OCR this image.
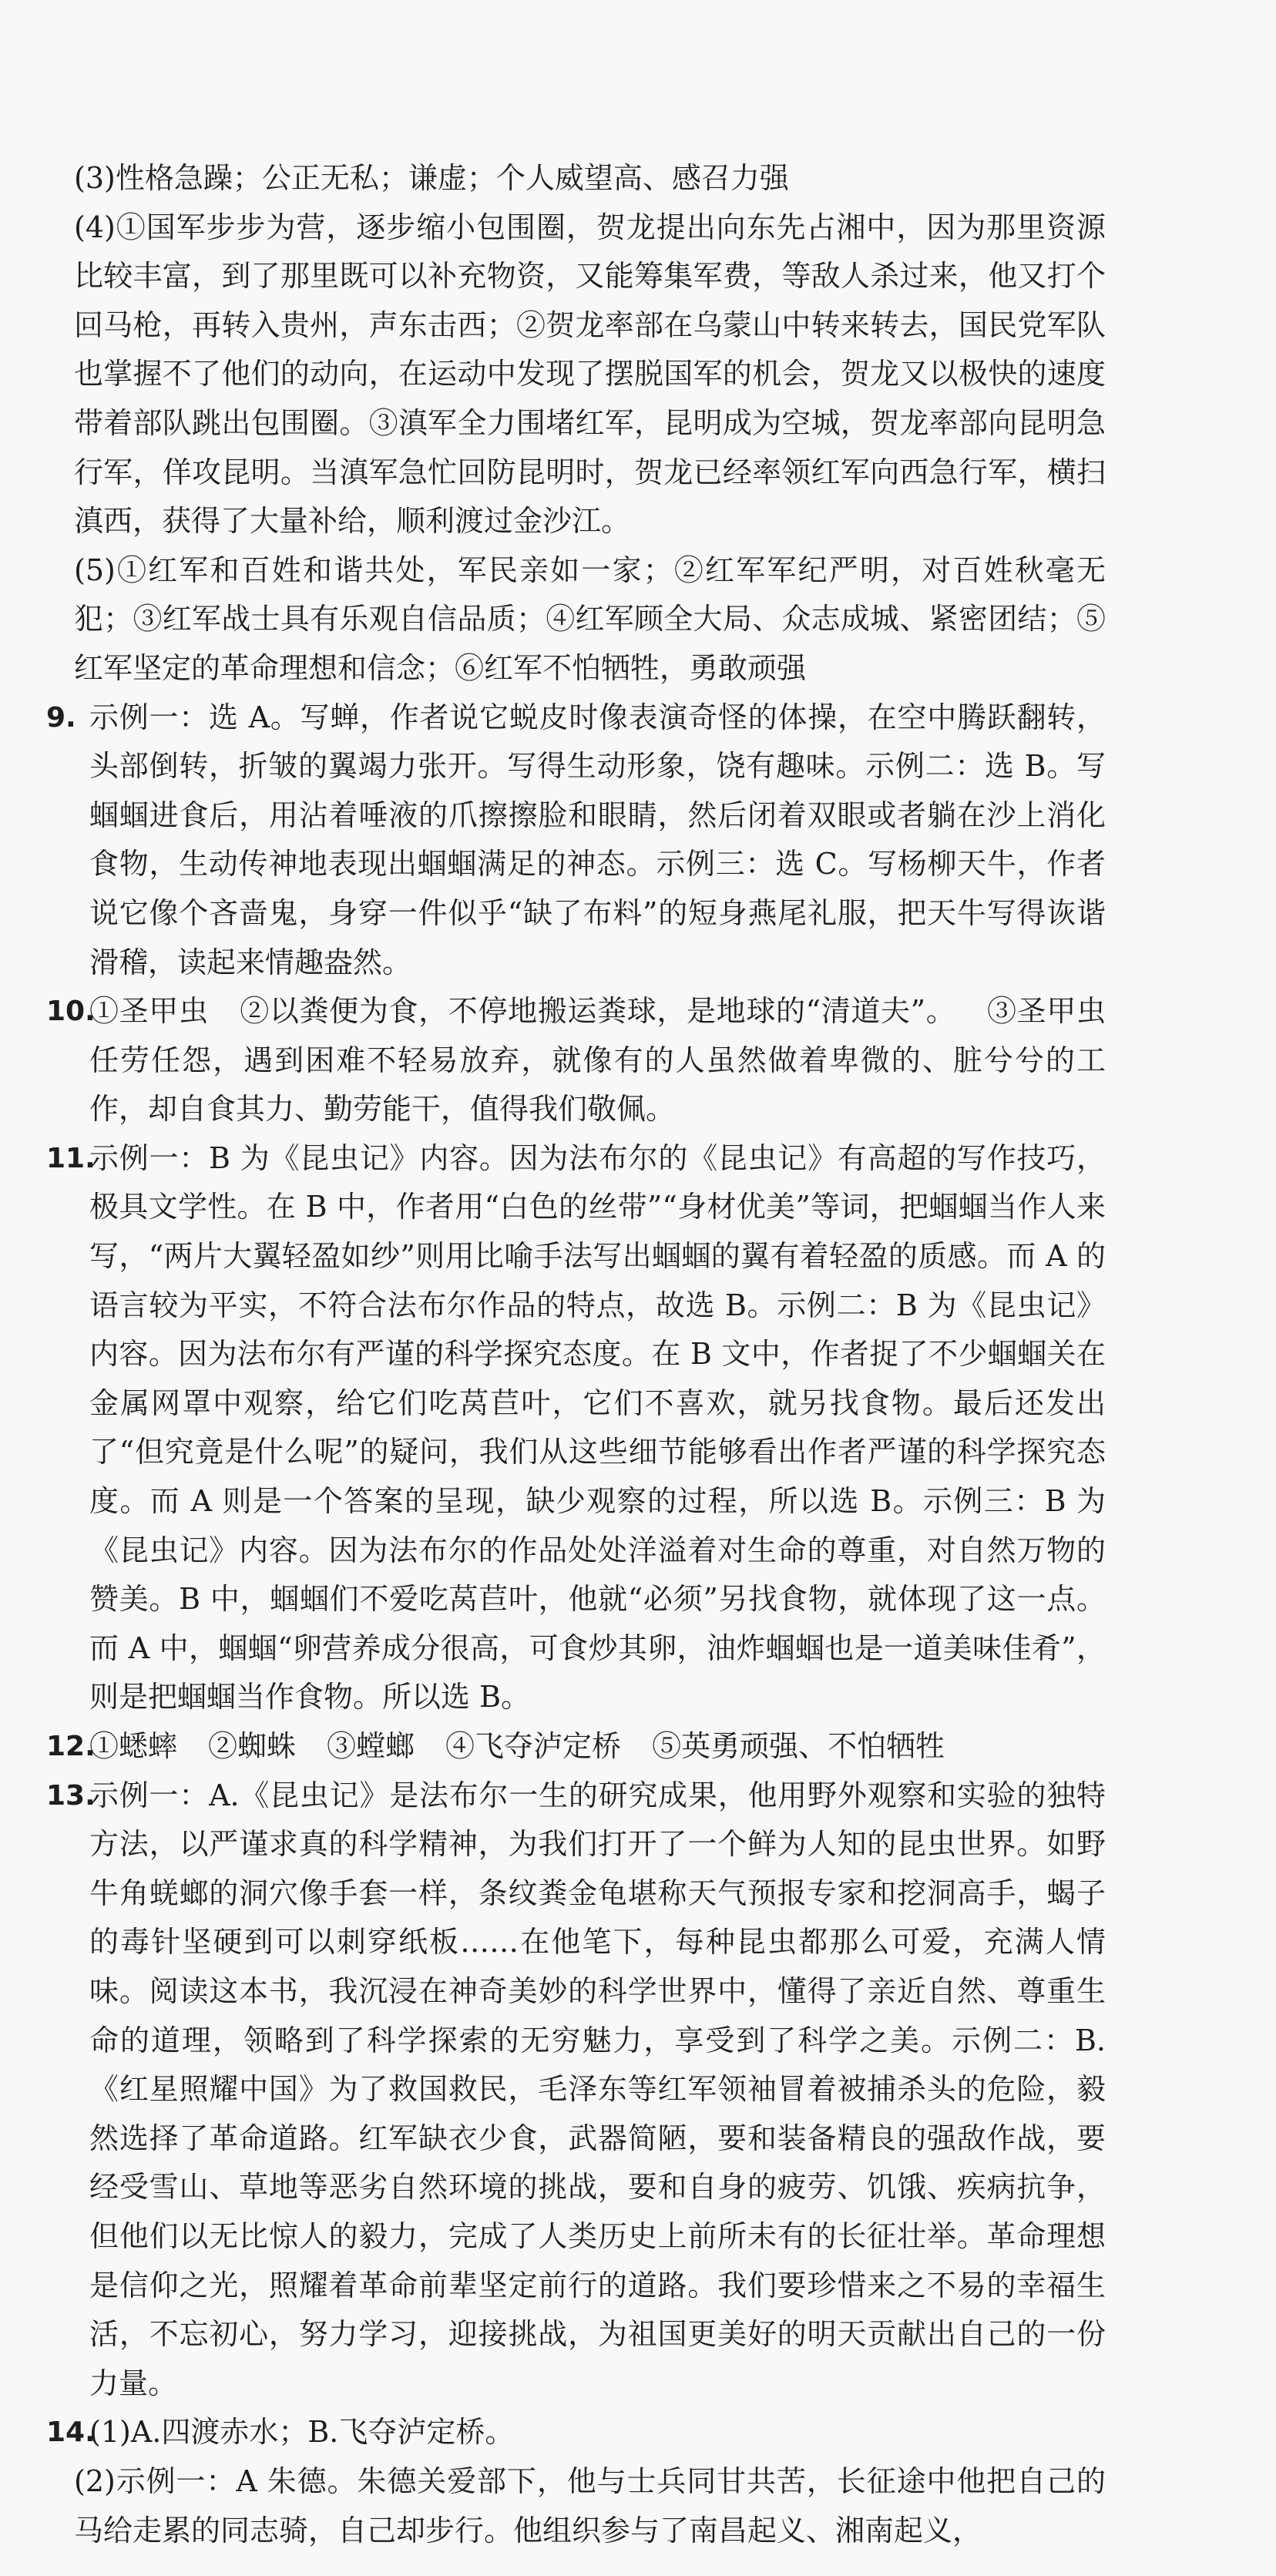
(3)性格急躁；公正无私；谦虚；个人威望高、感召力强

(4)①国军步步为营，逐步缩小包围圈，贺龙提出向东先占湘中，因为那里资源比较丰富，到了那里既可以补充物资，又能筹集军费，等敌人杀过来，他又打个回马枪，再转入贵州，声东击西；②贺龙率部在乌蒙山中转来转去，国民党军队也掌握不了他们的动向，在运动中发现了摆脱国军的机会，贺龙又以极快的速度带着部队跳出包围圈。③滇军全力围堵红军，昆明成为空城，贺龙率部向昆明急行军，佯攻昆明。当滇军急忙回防昆明时，贺龙已经率领红军向西急行军，横扫滇西，获得了大量补给，顺利渡过金沙江。

(5)①红军和百姓和谐共处，军民亲如一家；②红军军纪严明，对百姓秋毫无犯；③红军战士具有乐观自信品质；④红军顾全大局、众志成城、紧密团结；⑤红军坚定的革命理想和信念；⑥红军不怕牺牲，勇敢顽强

9. 示例一：选 A。写蝉，作者说它蜕皮时像表演奇怪的体操，在空中腾跃翻转，头部倒转，折皱的翼竭力张开。写得生动形象，饶有趣味。示例二：选 B。写蝈蝈进食后，用沾着唾液的爪擦擦脸和眼睛，然后闭着双眼或者躺在沙上消化食物，生动传神地表现出蝈蝈满足的神态。示例三：选 C。写杨柳天牛，作者说它像个吝啬鬼，身穿一件似乎“缺了布料”的短身燕尾礼服，把天牛写得诙谐滑稽，读起来情趣盎然。
10.
①圣甲虫 ②以粪便为食，不停地搬运粪球，是地球的“清道夫”。 ③圣甲虫任劳任怨，遇到困难不轻易放弃，就像有的人虽然做着卑微的、脏兮兮的工作，却自食其力、勤劳能干，值得我们敬佩。
11.
示例一：B 为《昆虫记》内容。因为法布尔的《昆虫记》有高超的写作技巧，极具文学性。在 B 中，作者用“白色的丝带”“身材优美”等词，把蝈蝈当作人来写，“两片大翼轻盈如纱”则用比喻手法写出蝈蝈的翼有着轻盈的质感。而 A 的语言较为平实，不符合法布尔作品的特点，故选 B。示例二：B 为《昆虫记》内容。因为法布尔有严谨的科学探究态度。在 B 文中，作者捉了不少蝈蝈关在金属网罩中观察，给它们吃莴苣叶，它们不喜欢，就另找食物。最后还发出了“但究竟是什么呢”的疑问，我们从这些细节能够看出作者严谨的科学探究态度。而 A 则是一个答案的呈现，缺少观察的过程，所以选 B。示例三：B 为《昆虫记》内容。因为法布尔的作品处处洋溢着对生命的尊重，对自然万物的赞美。B 中，蝈蝈们不爱吃莴苣叶，他就“必须”另找食物，就体现了这一点。而 A 中，蝈蝈“卵营养成分很高，可食炒其卵，油炸蝈蝈也是一道美味佳肴”，则是把蝈蝈当作食物。所以选 B。
12.
①蟋蟀 ②蜘蛛 ③螳螂 ④飞夺泸定桥 ⑤英勇顽强、不怕牺牲
13.
示例一：A.《昆虫记》是法布尔一生的研究成果，他用野外观察和实验的独特方法，以严谨求真的科学精神，为我们打开了一个鲜为人知的昆虫世界。如野牛角蜣螂的洞穴像手套一样，条纹粪金龟堪称天气预报专家和挖洞高手，蝎子的毒针坚硬到可以刺穿纸板……在他笔下，每种昆虫都那么可爱，充满人情味。阅读这本书，我沉浸在神奇美妙的科学世界中，懂得了亲近自然、尊重生命的道理，领略到了科学探索的无穷魅力，享受到了科学之美。示例二：B.《红星照耀中国》为了救国救民，毛泽东等红军领袖冒着被捕杀头的危险，毅然选择了革命道路。红军缺衣少食，武器简陋，要和装备精良的强敌作战，要经受雪山、草地等恶劣自然环境的挑战，要和自身的疲劳、饥饿、疾病抗争，但他们以无比惊人的毅力，完成了人类历史上前所未有的长征壮举。革命理想是信仰之光，照耀着革命前辈坚定前行的道路。我们要珍惜来之不易的幸福生活，不忘初心，努力学习，迎接挑战，为祖国更美好的明天贡献出自己的一份力量。
14.
(1)A.四渡赤水；B.飞夺泸定桥。

(2)示例一：A 朱德。朱德关爱部下，他与士兵同甘共苦，长征途中他把自己的马给走累的同志骑，自己却步行。他组织参与了南昌起义、湘南起义，
